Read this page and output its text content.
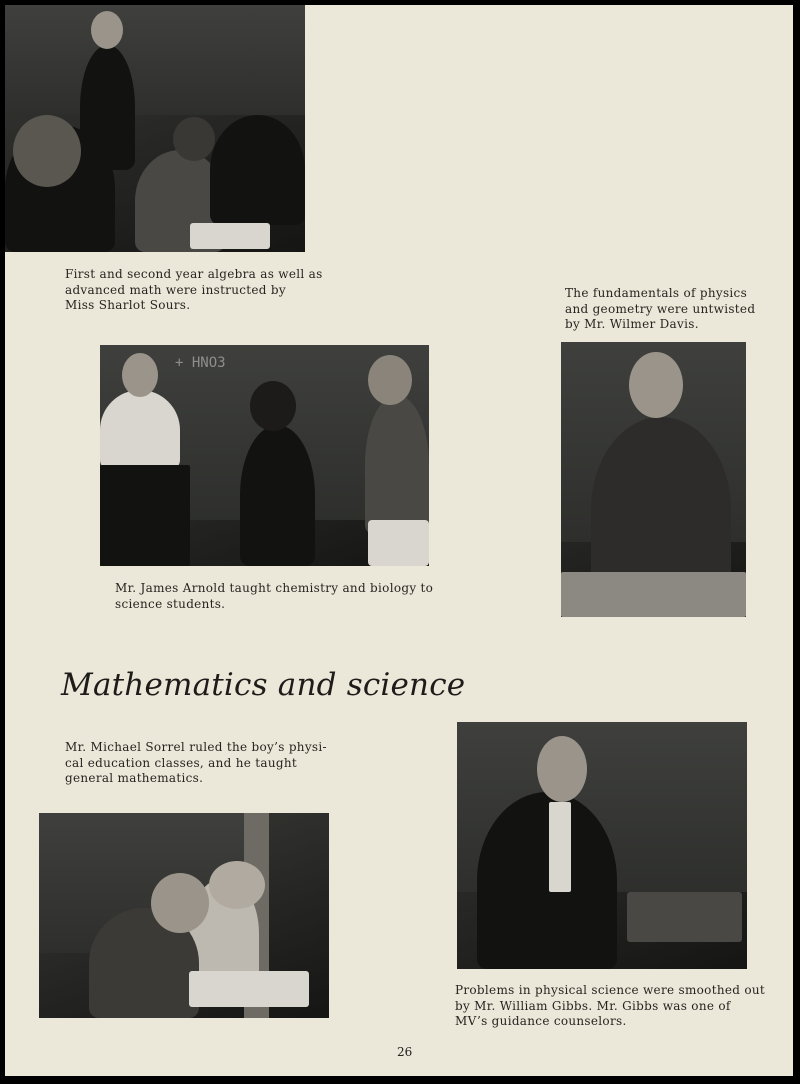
First and second year algebra as well as
advanced math were instructed by
Miss Sharlot Sours.
The fundamentals of physics
and geometry were untwisted
by Mr. Wilmer Davis.
+ HNO3
Mr. James Arnold taught chemistry and biology to
science students.
Mathematics and science
Mr. Michael Sorrel ruled the boy’s physi-
cal education classes, and he taught
general mathematics.
Problems in physical science were smoothed out
by Mr. William Gibbs. Mr. Gibbs was one of
MV’s guidance counselors.
26
